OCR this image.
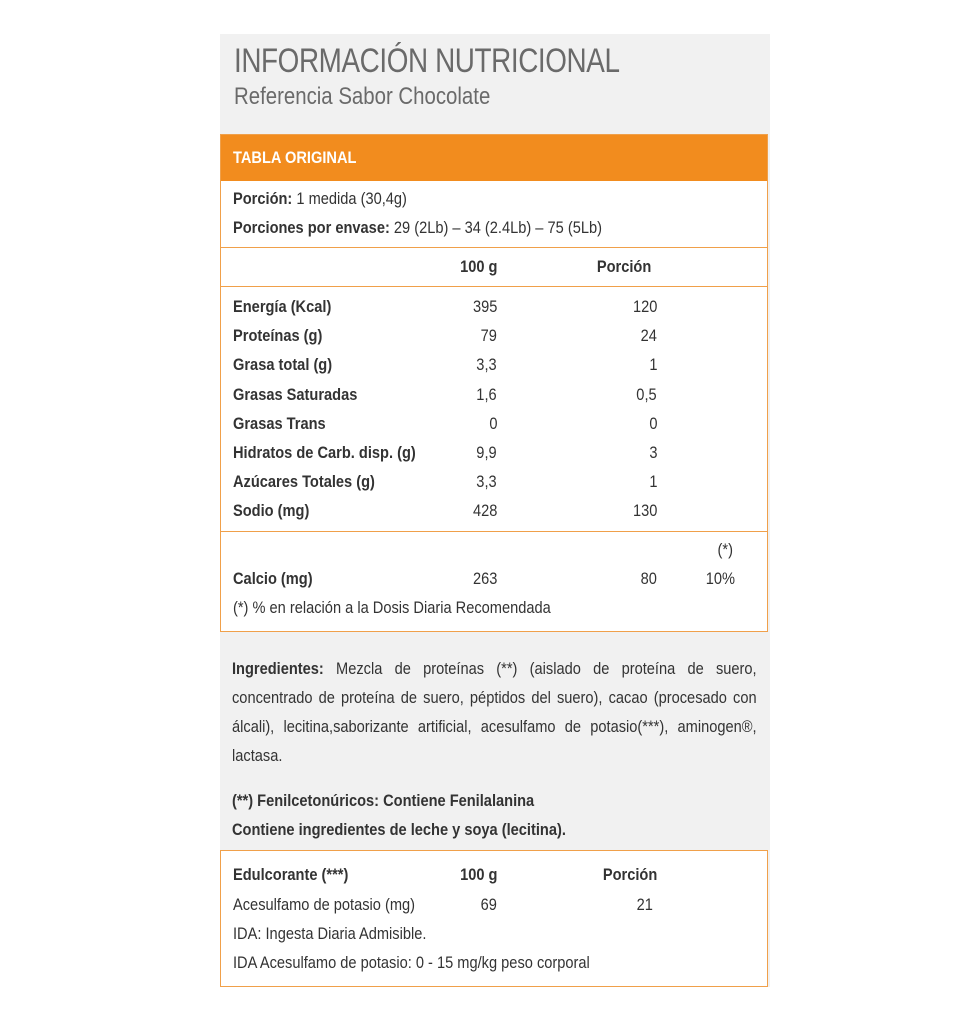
INFORMACIÓN NUTRICIONAL
Referencia Sabor Chocolate
TABLA ORIGINAL
Porción: 1 medida (30,4g)
Porciones por envase: 29 (2Lb) – 34 (2.4Lb) – 75 (5Lb)
100 g	Porción
Energía (Kcal)	395	120
Proteínas (g)	79	24
Grasa total (g)	3,3	1
Grasas Saturadas	1,6	0,5
Grasas Trans	0	0
Hidratos de Carb. disp. (g)	9,9	3
Azúcares Totales (g)	3,3	1
Sodio (mg)	428	130
(*)
Calcio (mg)	263	80	10%
(*) % en relación a la Dosis Diaria Recomendada
Ingredientes: Mezcla de proteínas (**) (aislado de proteína de suero, concentrado de proteína de suero, péptidos del suero), cacao (procesado con álcali), lecitina,saborizante artificial, acesulfamo de potasio(***), aminogen®, lactasa.
(**) Fenilcetonúricos: Contiene Fenilalanina
Contiene ingredientes de leche y soya (lecitina).
Edulcorante (***)	100 g	Porción
Acesulfamo de potasio (mg)	69	21
IDA: Ingesta Diaria Admisible.
IDA Acesulfamo de potasio: 0 - 15 mg/kg peso corporal
